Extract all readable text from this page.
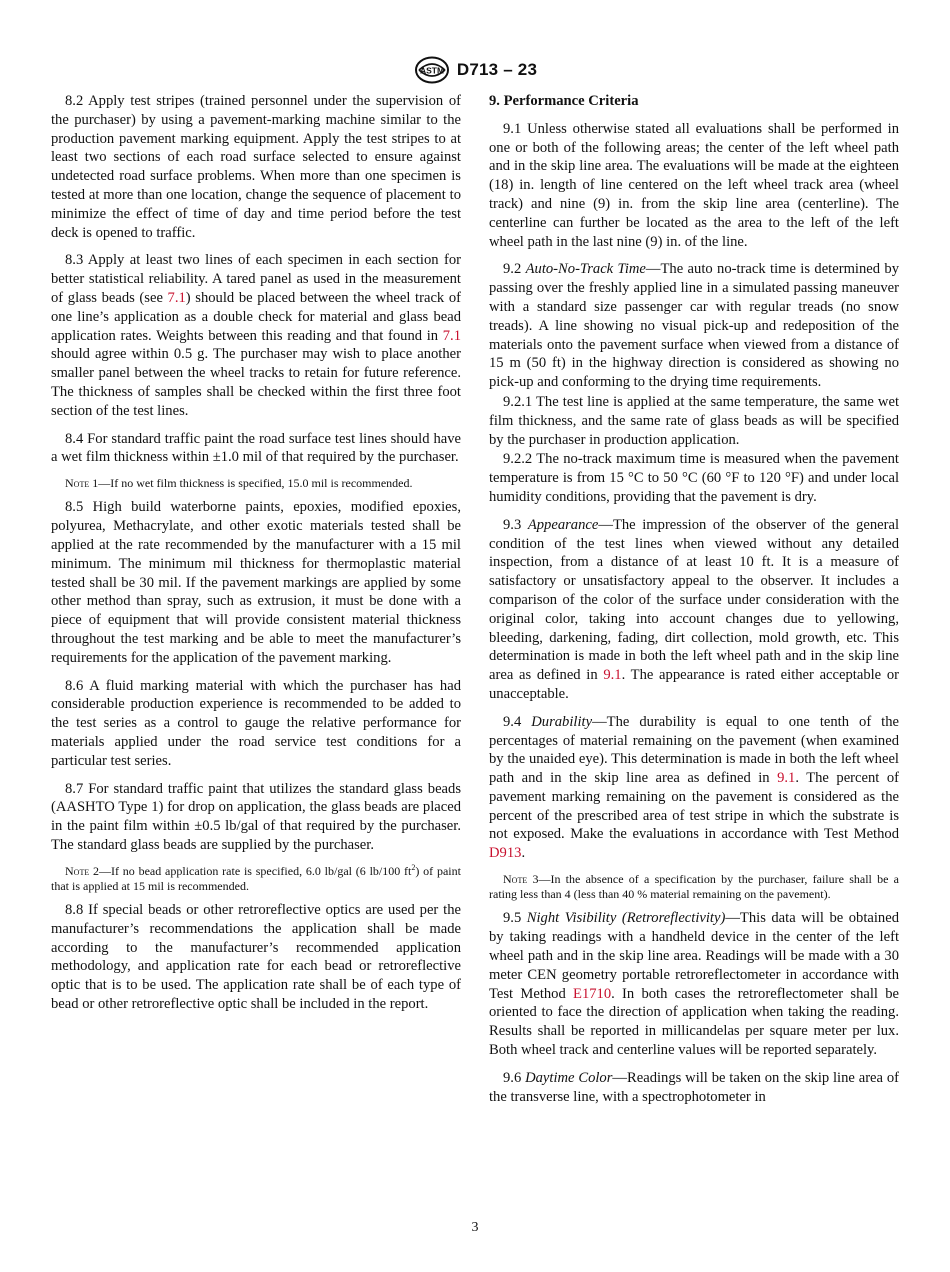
ASTM D713 – 23

8.2 Apply test stripes (trained personnel under the supervision of the purchaser) by using a pavement-marking machine similar to the production pavement marking equipment. Apply the test stripes to at least two sections of each road surface selected to ensure against undetected road surface problems. When more than one specimen is tested at more than one location, change the sequence of placement to minimize the effect of time of day and time period before the test deck is opened to traffic.

8.3 Apply at least two lines of each specimen in each section for better statistical reliability. A tared panel as used in the measurement of glass beads (see 7.1) should be placed between the wheel track of one line’s application as a double check for material and glass bead application rates. Weights between this reading and that found in 7.1 should agree within 0.5 g. The purchaser may wish to place another smaller panel between the wheel tracks to retain for future reference. The thickness of samples shall be checked within the first three foot section of the test lines.

8.4 For standard traffic paint the road surface test lines should have a wet film thickness within ±1.0 mil of that required by the purchaser.

Note 1—If no wet film thickness is specified, 15.0 mil is recommended.

8.5 High build waterborne paints, epoxies, modified epoxies, polyurea, Methacrylate, and other exotic materials tested shall be applied at the rate recommended by the manufacturer with a 15 mil minimum. The minimum mil thickness for thermoplastic material tested shall be 30 mil. If the pavement markings are applied by some other method than spray, such as extrusion, it must be done with a piece of equipment that will provide consistent material thickness throughout the test marking and be able to meet the manufacturer’s requirements for the application of the pavement marking.

8.6 A fluid marking material with which the purchaser has had considerable production experience is recommended to be added to the test series as a control to gauge the relative performance for materials applied under the road service test conditions for a particular test series.

8.7 For standard traffic paint that utilizes the standard glass beads (AASHTO Type 1) for drop on application, the glass beads are placed in the paint film within ±0.5 lb/gal of that required by the purchaser. The standard glass beads are supplied by the purchaser.

Note 2—If no bead application rate is specified, 6.0 lb/gal (6 lb/100 $ft^2$) of paint that is applied at 15 mil is recommended.

8.8 If special beads or other retroreflective optics are used per the manufacturer’s recommendations the application shall be made according to the manufacturer’s recommended application methodology, and application rate for each bead or retroreflective optic that is to be used. The application rate shall be of each type of bead or other retroreflective optic shall be included in the report.

9. Performance Criteria

9.1 Unless otherwise stated all evaluations shall be performed in one or both of the following areas; the center of the left wheel path and in the skip line area. The evaluations will be made at the eighteen (18) in. length of line centered on the left wheel track area (wheel track) and nine (9) in. from the skip line area (centerline). The centerline can further be located as the area to the left of the left wheel path in the last nine (9) in. of the line.

9.2 Auto-No-Track Time—The auto no-track time is determined by passing over the freshly applied line in a simulated passing maneuver with a standard size passenger car with regular treads (no snow treads). A line showing no visual pick-up and redeposition of the materials onto the pavement surface when viewed from a distance of 15 m (50 ft) in the highway direction is considered as showing no pick-up and conforming to the drying time requirements.

9.2.1 The test line is applied at the same temperature, the same wet film thickness, and the same rate of glass beads as will be specified by the purchaser in production application.

9.2.2 The no-track maximum time is measured when the pavement temperature is from 15 °C to 50 °C (60 °F to 120 °F) and under local humidity conditions, providing that the pavement is dry.

9.3 Appearance—The impression of the observer of the general condition of the test lines when viewed without any detailed inspection, from a distance of at least 10 ft. It is a measure of satisfactory or unsatisfactory appeal to the observer. It includes a comparison of the color of the surface under consideration with the original color, taking into account changes due to yellowing, bleeding, darkening, fading, dirt collection, mold growth, etc. This determination is made in both the left wheel path and in the skip line area as defined in 9.1. The appearance is rated either acceptable or unacceptable.

9.4 Durability—The durability is equal to one tenth of the percentages of material remaining on the pavement (when examined by the unaided eye). This determination is made in both the left wheel path and in the skip line area as defined in 9.1. The percent of pavement marking remaining on the pavement is considered as the percent of the prescribed area of test stripe in which the substrate is not exposed. Make the evaluations in accordance with Test Method D913.

Note 3—In the absence of a specification by the purchaser, failure shall be a rating less than 4 (less than 40 % material remaining on the pavement).

9.5 Night Visibility (Retroreflectivity)—This data will be obtained by taking readings with a handheld device in the center of the left wheel path and in the skip line area. Readings will be made with a 30 meter CEN geometry portable retroreflectometer in accordance with Test Method E1710. In both cases the retroreflectometer shall be oriented to face the direction of application when taking the reading. Results shall be reported in millicandelas per square meter per lux. Both wheel track and centerline values will be reported separately.

9.6 Daytime Color—Readings will be taken on the skip line area of the transverse line, with a spectrophotometer in

3
